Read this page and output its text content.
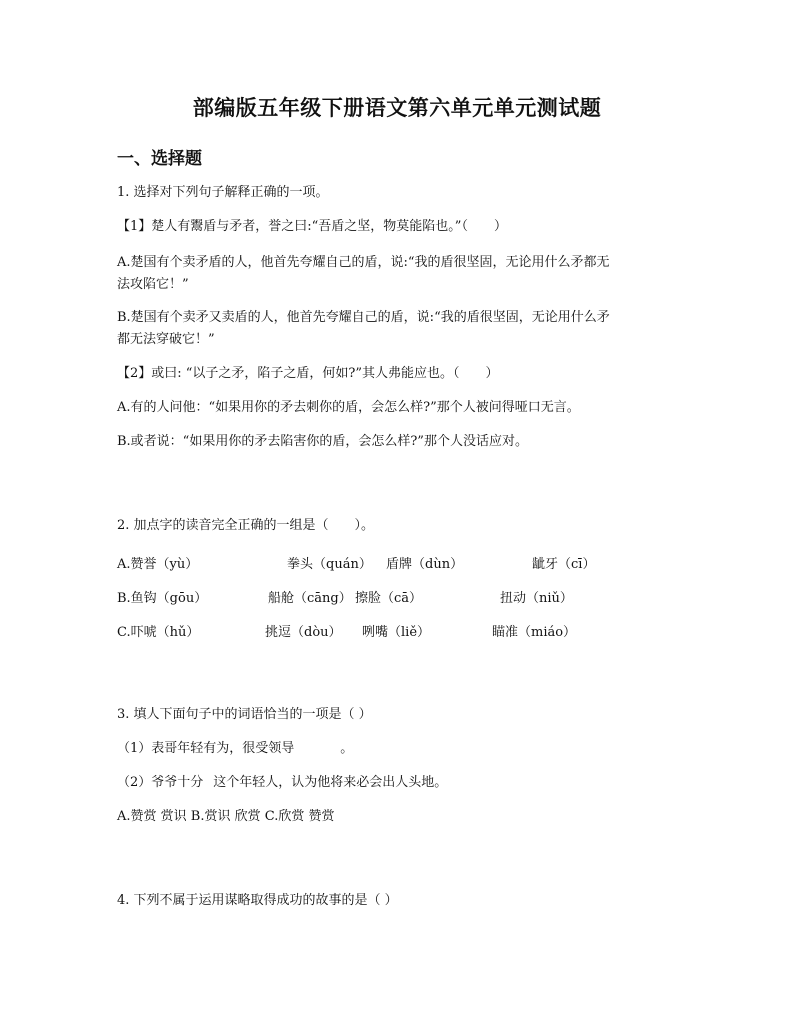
部编版五年级下册语文第六单元单元测试题
一、选择题
1. 选择对下列句子解释正确的一项。
【1】楚人有鬻盾与矛者，誉之曰:“吾盾之坚，物莫能陷也。”（　　）
A.楚国有个卖矛盾的人，他首先夸耀自己的盾，说:“我的盾很坚固，无论用什么矛都无
法攻陷它！”
B.楚国有个卖矛又卖盾的人，他首先夸耀自己的盾，说:“我的盾很坚固，无论用什么矛
都无法穿破它！”
【2】或曰: “以子之矛，陷子之盾，何如?”其人弗能应也。（　　）
A.有的人问他：“如果用你的矛去刺你的盾，会怎么样?”那个人被问得哑口无言。
B.或者说：“如果用你的矛去陷害你的盾，会怎么样?”那个人没话应对。
2. 加点字的读音完全正确的一组是（　　）。
A.赞誉（yù）	拳头（quán） 盾牌（dùn）	龇牙（cī）
B.鱼钩（gōu）	船舱（cāng） 擦脸（cā）	扭动（niǔ）
C.吓唬（hǔ）	挑逗（dòu） 咧嘴（liě）	瞄准（miáo）
3. 填人下面句子中的词语恰当的一项是（ ）
（1）表哥年轻有为，很受领导	。
（2）爷爷十分 这个年轻人，认为他将来必会出人头地。
A.赞赏 赏识 B.赏识 欣赏 C.欣赏 赞赏
4. 下列不属于运用谋略取得成功的故事的是（ ）
